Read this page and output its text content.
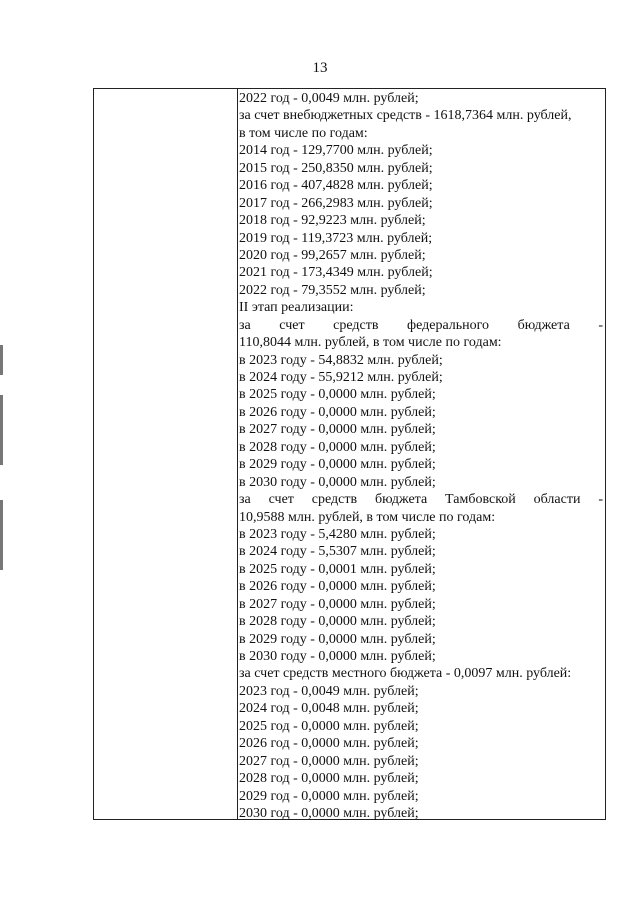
13
2022 год - 0,0049 млн. рублей;
за счет внебюджетных средств - 1618,7364 млн. рублей,
в том числе по годам:
2014 год - 129,7700 млн. рублей;
2015 год - 250,8350 млн. рублей;
2016 год - 407,4828 млн. рублей;
2017 год - 266,2983 млн. рублей;
2018 год - 92,9223 млн. рублей;
2019 год - 119,3723 млн. рублей;
2020 год - 99,2657 млн. рублей;
2021 год - 173,4349 млн. рублей;
2022 год - 79,3552 млн. рублей;
II этап реализации:
за счет средств федерального бюджета -
110,8044 млн. рублей, в том числе по годам:
в 2023 году - 54,8832 млн. рублей;
в 2024 году - 55,9212 млн. рублей;
в 2025 году - 0,0000 млн. рублей;
в 2026 году - 0,0000 млн. рублей;
в 2027 году - 0,0000 млн. рублей;
в 2028 году - 0,0000 млн. рублей;
в 2029 году - 0,0000 млн. рублей;
в 2030 году - 0,0000 млн. рублей;
за счет средств бюджета Тамбовской области -
10,9588 млн. рублей, в том числе по годам:
в 2023 году - 5,4280 млн. рублей;
в 2024 году - 5,5307 млн. рублей;
в 2025 году - 0,0001 млн. рублей;
в 2026 году - 0,0000 млн. рублей;
в 2027 году - 0,0000 млн. рублей;
в 2028 году - 0,0000 млн. рублей;
в 2029 году - 0,0000 млн. рублей;
в 2030 году - 0,0000 млн. рублей;
за счет средств местного бюджета - 0,0097 млн. рублей:
2023 год - 0,0049 млн. рублей;
2024 год - 0,0048 млн. рублей;
2025 год - 0,0000 млн. рублей;
2026 год - 0,0000 млн. рублей;
2027 год - 0,0000 млн. рублей;
2028 год - 0,0000 млн. рублей;
2029 год - 0,0000 млн. рублей;
2030 год - 0,0000 млн. рублей;
